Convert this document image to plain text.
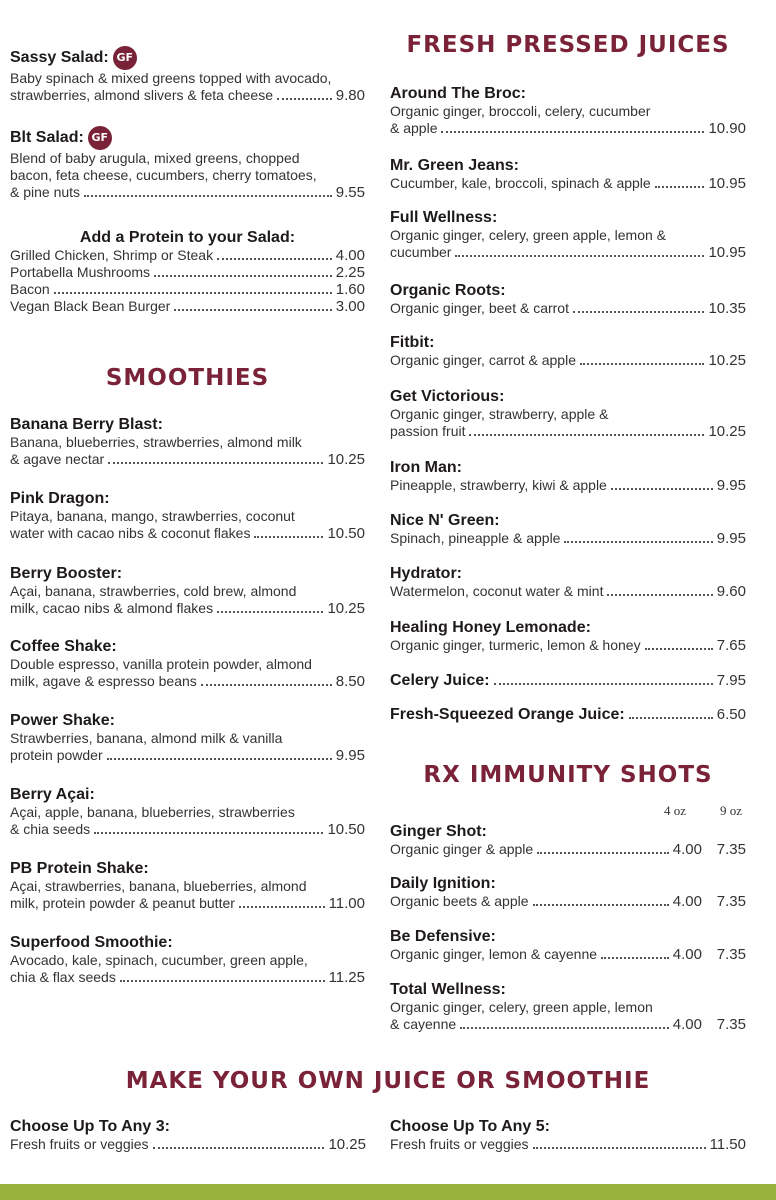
Sassy Salad: GF
Baby spinach & mixed greens topped with avocado,
strawberries, almond slivers & feta cheese	9.80
Blt Salad: GF
Blend of baby arugula, mixed greens, chopped
bacon, feta cheese, cucumbers, cherry tomatoes,
& pine nuts	9.55
Add a Protein to your Salad:
Grilled Chicken, Shrimp or Steak	4.00
Portabella Mushrooms	2.25
Bacon	1.60
Vegan Black Bean Burger	3.00
SMOOTHIES
Banana Berry Blast:
Banana, blueberries, strawberries, almond milk
& agave nectar	10.25
Pink Dragon:
Pitaya, banana, mango, strawberries, coconut
water with cacao nibs & coconut flakes	10.50
Berry Booster:
Açai, banana, strawberries, cold brew, almond
milk, cacao nibs & almond flakes	10.25
Coffee Shake:
Double espresso, vanilla protein powder, almond
milk, agave & espresso beans	8.50
Power Shake:
Strawberries, banana, almond milk & vanilla
protein powder	9.95
Berry Açai:
Açai, apple, banana, blueberries, strawberries
& chia seeds	10.50
PB Protein Shake:
Açai, strawberries, banana, blueberries, almond
milk, protein powder & peanut butter	11.00
Superfood Smoothie:
Avocado, kale, spinach, cucumber, green apple,
chia & flax seeds	11.25
FRESH PRESSED JUICES
Around The Broc:
Organic ginger, broccoli, celery, cucumber
& apple	10.90
Mr. Green Jeans:
Cucumber, kale, broccoli, spinach & apple	10.95
Full Wellness:
Organic ginger, celery, green apple, lemon &
cucumber	10.95
Organic Roots:
Organic ginger, beet & carrot	10.35
Fitbit:
Organic ginger, carrot & apple	10.25
Get Victorious:
Organic ginger, strawberry, apple &
passion fruit	10.25
Iron Man:
Pineapple, strawberry, kiwi & apple	9.95
Nice N' Green:
Spinach, pineapple & apple	9.95
Hydrator:
Watermelon, coconut water & mint	9.60
Healing Honey Lemonade:
Organic ginger, turmeric, lemon & honey	7.65
Celery Juice:	7.95
Fresh-Squeezed Orange Juice:	6.50
RX IMMUNITY SHOTS
4 oz	9 oz
Ginger Shot:
Organic ginger & apple	4.00 7.35
Daily Ignition:
Organic beets & apple	4.00 7.35
Be Defensive:
Organic ginger, lemon & cayenne	4.00 7.35
Total Wellness:
Organic ginger, celery, green apple, lemon
& cayenne	4.00 7.35
MAKE YOUR OWN JUICE OR SMOOTHIE
Choose Up To Any 3:
Fresh fruits or veggies	10.25
Choose Up To Any 5:
Fresh fruits or veggies	11.50
